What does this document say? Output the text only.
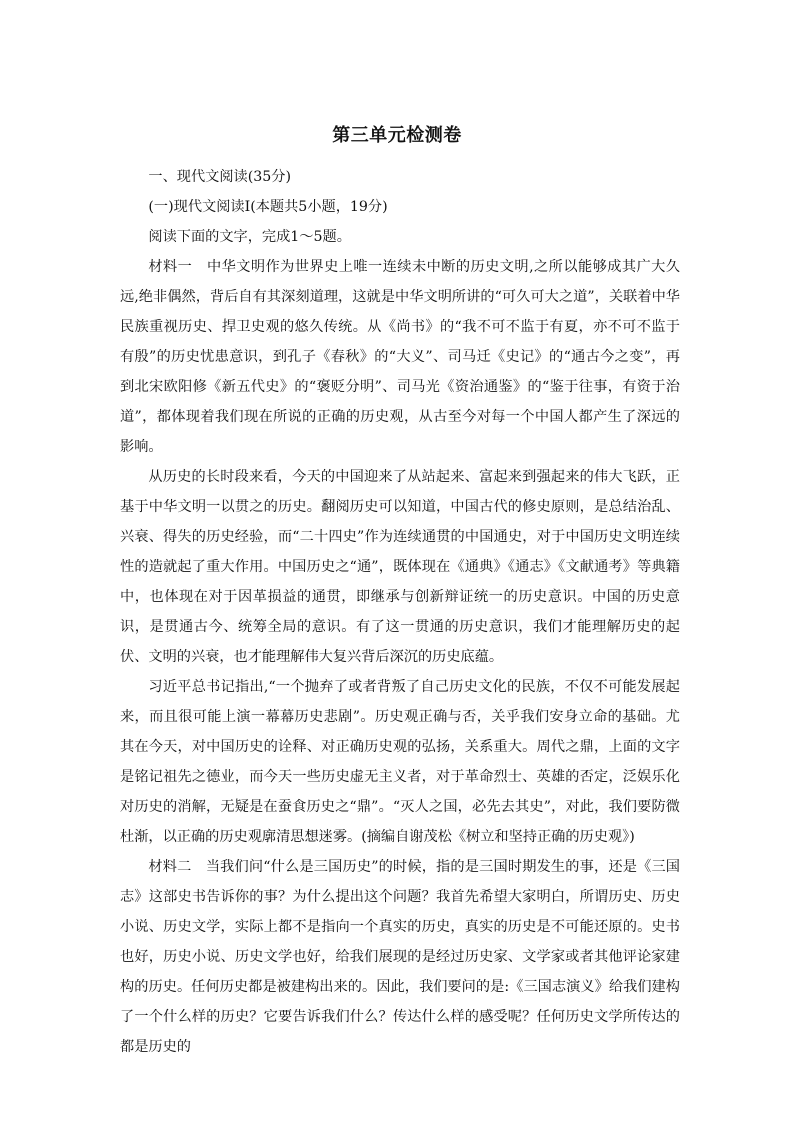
第三单元检测卷

一、现代文阅读(35分)

(一)现代文阅读Ⅰ(本题共5小题，19分)

阅读下面的文字，完成1～5题。

材料一　中华文明作为世界史上唯一连续未中断的历史文明,之所以能够成其广大久远,绝非偶然，背后自有其深刻道理，这就是中华文明所讲的“可久可大之道”，关联着中华民族重视历史、捍卫史观的悠久传统。从《尚书》的“我不可不监于有夏，亦不可不监于有殷”的历史忧患意识，到孔子《春秋》的“大义”、司马迁《史记》的“通古今之变”，再到北宋欧阳修《新五代史》的“褒贬分明”、司马光《资治通鉴》的“鉴于往事，有资于治道”，都体现着我们现在所说的正确的历史观，从古至今对每一个中国人都产生了深远的影响。

从历史的长时段来看，今天的中国迎来了从站起来、富起来到强起来的伟大飞跃，正基于中华文明一以贯之的历史。翻阅历史可以知道，中国古代的修史原则，是总结治乱、兴衰、得失的历史经验，而“二十四史”作为连续通贯的中国通史，对于中国历史文明连续性的造就起了重大作用。中国历史之“通”，既体现在《通典》《通志》《文献通考》等典籍中，也体现在对于因革损益的通贯，即继承与创新辩证统一的历史意识。中国的历史意识，是贯通古今、统筹全局的意识。有了这一贯通的历史意识，我们才能理解历史的起伏、文明的兴衰，也才能理解伟大复兴背后深沉的历史底蕴。

习近平总书记指出,“一个抛弃了或者背叛了自己历史文化的民族，不仅不可能发展起来，而且很可能上演一幕幕历史悲剧”。历史观正确与否，关乎我们安身立命的基础。尤其在今天，对中国历史的诠释、对正确历史观的弘扬，关系重大。周代之鼎，上面的文字是铭记祖先之德业，而今天一些历史虚无主义者，对于革命烈士、英雄的否定，泛娱乐化对历史的消解，无疑是在蚕食历史之“鼎”。“灭人之国，必先去其史”，对此，我们要防微杜渐，以正确的历史观廓清思想迷雾。(摘编自谢茂松《树立和坚持正确的历史观》)

材料二　当我们问“什么是三国历史”的时候，指的是三国时期发生的事，还是《三国志》这部史书告诉你的事？为什么提出这个问题？我首先希望大家明白，所谓历史、历史小说、历史文学，实际上都不是指向一个真实的历史，真实的历史是不可能还原的。史书也好，历史小说、历史文学也好，给我们展现的是经过历史家、文学家或者其他评论家建构的历史。任何历史都是被建构出来的。因此，我们要问的是:《三国志演义》给我们建构了一个什么样的历史？它要告诉我们什么？传达什么样的感受呢？任何历史文学所传达的都是历史的
